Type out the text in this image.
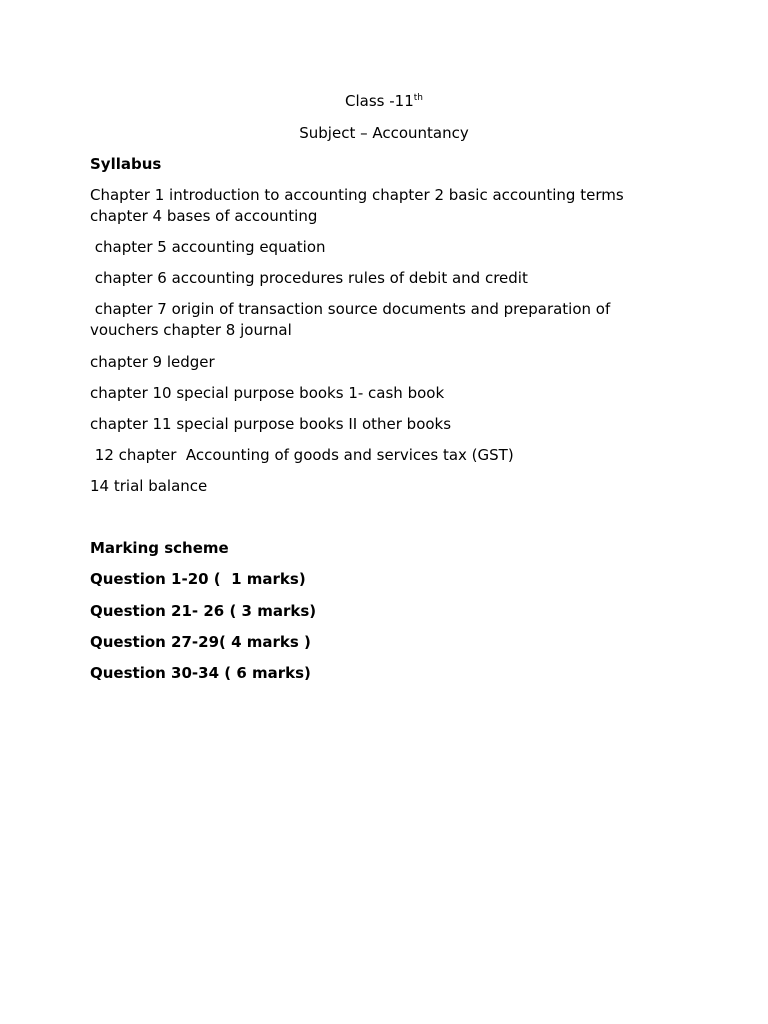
Class -11th

Subject – Accountancy

Syllabus

Chapter 1 introduction to accounting chapter 2 basic accounting terms chapter 4 bases of accounting

chapter 5 accounting equation

chapter 6 accounting procedures rules of debit and credit

chapter 7 origin of transaction source documents and preparation of vouchers chapter 8 journal

chapter 9 ledger

chapter 10 special purpose books 1- cash book

chapter 11 special purpose books II other books

12 chapter  Accounting of goods and services tax (GST)

14 trial balance

Marking scheme

Question 1-20 (  1 marks)

Question 21- 26 ( 3 marks)

Question 27-29( 4 marks )

Question 30-34 ( 6 marks)
